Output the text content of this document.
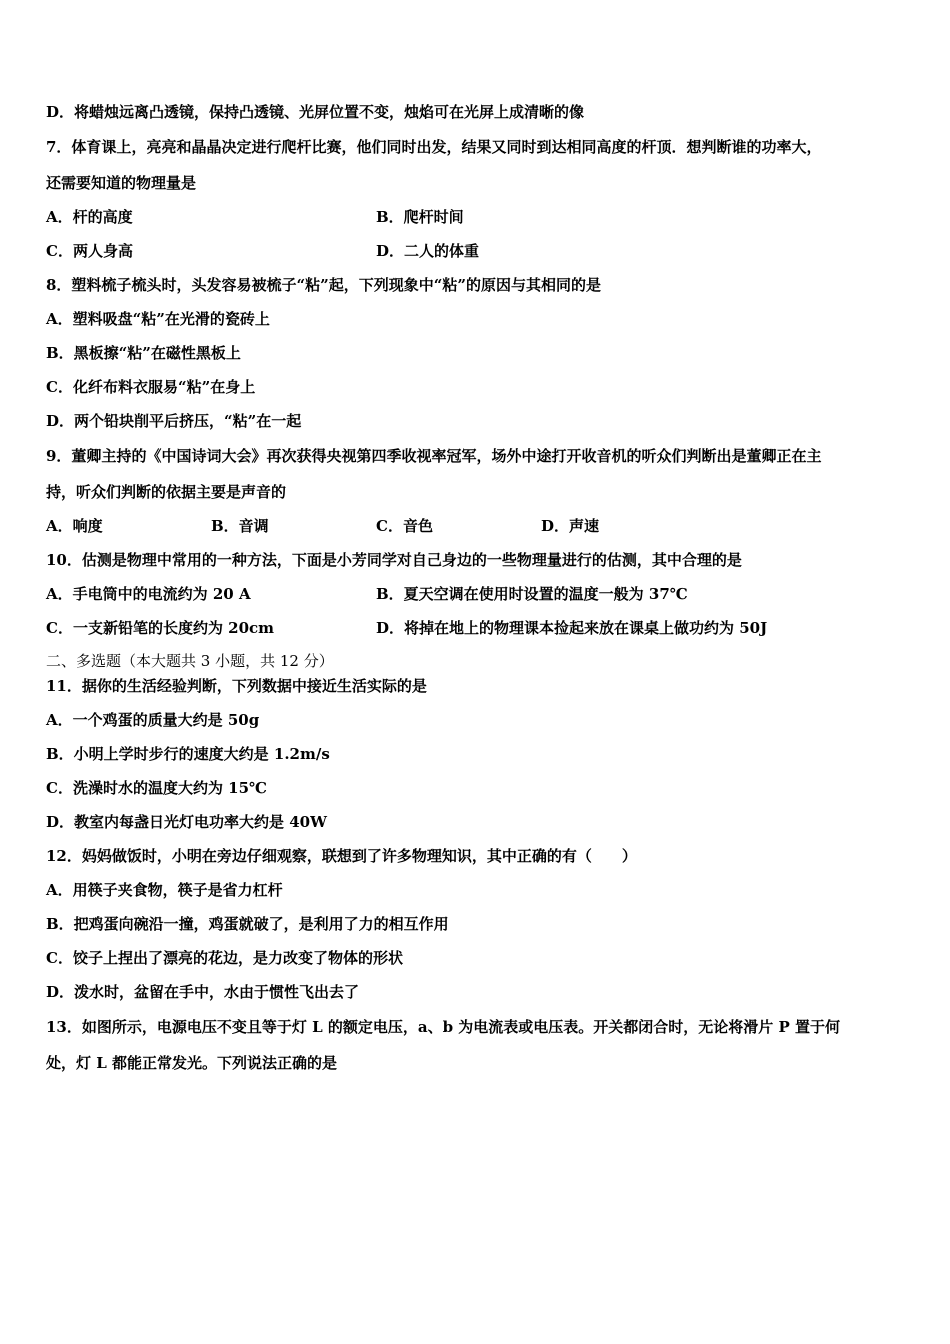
D．将蜡烛远离凸透镜，保持凸透镜、光屏位置不变，烛焰可在光屏上成清晰的像
7．体育课上，亮亮和晶晶决定进行爬杆比赛，他们同时出发，结果又同时到达相同高度的杆顶．想判断谁的功率大，
还需要知道的物理量是
A．杆的高度	B．爬杆时间
C．两人身高	D．二人的体重
8．塑料梳子梳头时，头发容易被梳子“粘”起，下列现象中“粘”的原因与其相同的是
A．塑料吸盘“粘”在光滑的瓷砖上
B．黑板擦“粘”在磁性黑板上
C．化纤布料衣服易“粘”在身上
D．两个铅块削平后挤压，“粘”在一起
9．董卿主持的《中国诗词大会》再次获得央视第四季收视率冠军，场外中途打开收音机的听众们判断出是董卿正在主
持，听众们判断的依据主要是声音的
A．响度	B．音调	C．音色	D．声速
10．估测是物理中常用的一种方法，下面是小芳同学对自己身边的一些物理量进行的估测，其中合理的是
A．手电筒中的电流约为 20 A	B．夏天空调在使用时设置的温度一般为 37℃
C．一支新铅笔的长度约为 20cm	D．将掉在地上的物理课本捡起来放在课桌上做功约为 50J
二、多选题（本大题共 3 小题，共 12 分）
11．据你的生活经验判断，下列数据中接近生活实际的是
A．一个鸡蛋的质量大约是 50g
B．小明上学时步行的速度大约是 1.2m/s
C．洗澡时水的温度大约为 15℃
D．教室内每盏日光灯电功率大约是 40W
12．妈妈做饭时，小明在旁边仔细观察，联想到了许多物理知识，其中正确的有（　　）
A．用筷子夹食物，筷子是省力杠杆
B．把鸡蛋向碗沿一撞，鸡蛋就破了，是利用了力的相互作用
C．饺子上捏出了漂亮的花边，是力改变了物体的形状
D．泼水时，盆留在手中，水由于惯性飞出去了
13．如图所示，电源电压不变且等于灯 L 的额定电压，a、b 为电流表或电压表。开关都闭合时，无论将滑片 P 置于何
处，灯 L 都能正常发光。下列说法正确的是
